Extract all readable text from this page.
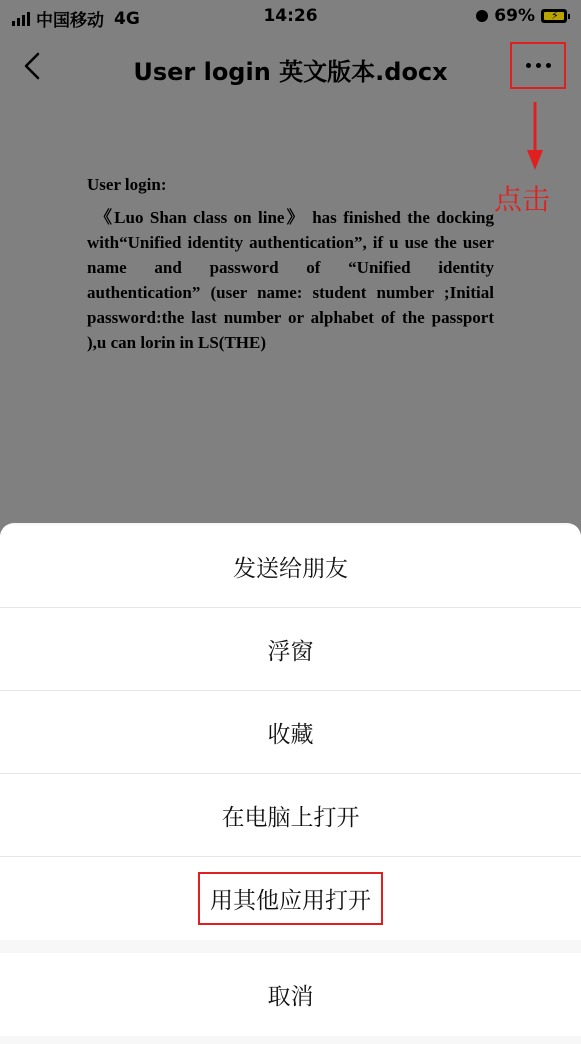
中国移动 4G	14:26	69% ⚡
User login 英文版本.docx
点击

User login:

《Luo Shan class on line》 has finished the docking with“Unified identity authentication”, if u use the user name and password of “Unified identity authentication” (user name: student number ;Initial password:the last number or alphabet of the passport ),u can lorin in LS(THE)

发送给朋友
浮窗
收藏
在电脑上打开
用其他应用打开
取消
